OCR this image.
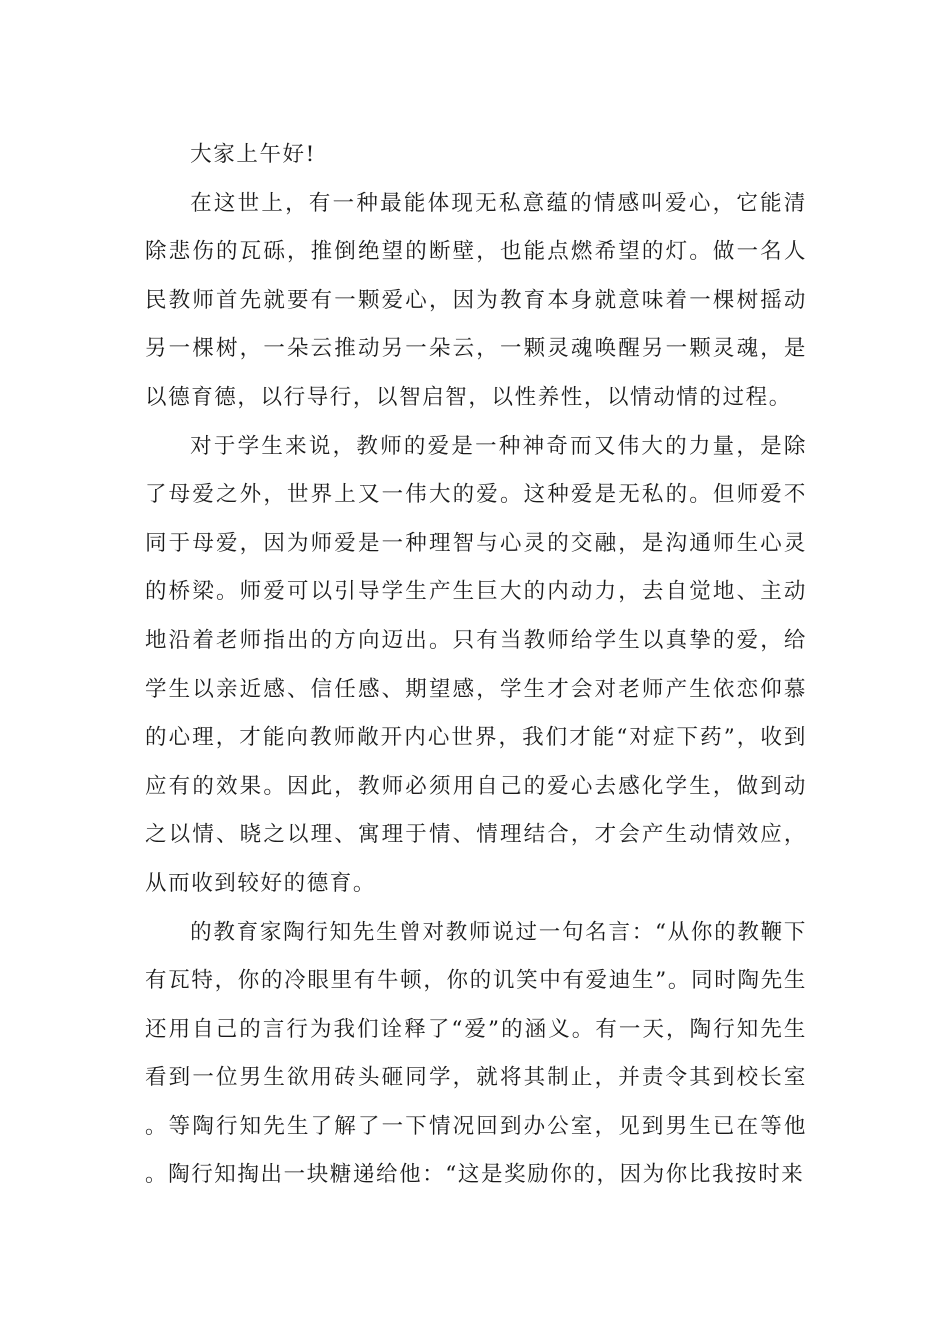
大家上午好!

在这世上，有一种最能体现无私意蕴的情感叫爱心，它能清除悲伤的瓦砾，推倒绝望的断壁，也能点燃希望的灯。做一名人民教师首先就要有一颗爱心，因为教育本身就意味着一棵树摇动另一棵树，一朵云推动另一朵云，一颗灵魂唤醒另一颗灵魂，是以德育德，以行导行，以智启智，以性养性，以情动情的过程。

对于学生来说，教师的爱是一种神奇而又伟大的力量，是除了母爱之外，世界上又一伟大的爱。这种爱是无私的。但师爱不同于母爱，因为师爱是一种理智与心灵的交融，是沟通师生心灵的桥梁。师爱可以引导学生产生巨大的内动力，去自觉地、主动地沿着老师指出的方向迈出。只有当教师给学生以真挚的爱，给学生以亲近感、信任感、期望感，学生才会对老师产生依恋仰慕的心理，才能向教师敞开内心世界，我们才能“对症下药”，收到应有的效果。因此，教师必须用自己的爱心去感化学生，做到动之以情、晓之以理、寓理于情、情理结合，才会产生动情效应，从而收到较好的德育。

的教育家陶行知先生曾对教师说过一句名言：“从你的教鞭下有瓦特，你的冷眼里有牛顿，你的讥笑中有爱迪生”。同时陶先生还用自己的言行为我们诠释了“爱”的涵义。有一天，陶行知先生看到一位男生欲用砖头砸同学，就将其制止，并责令其到校长室。等陶行知先生了解了一下情况回到办公室，见到男生已在等他。陶行知掏出一块糖递给他：“这是奖励你的，因为你比我按时来
